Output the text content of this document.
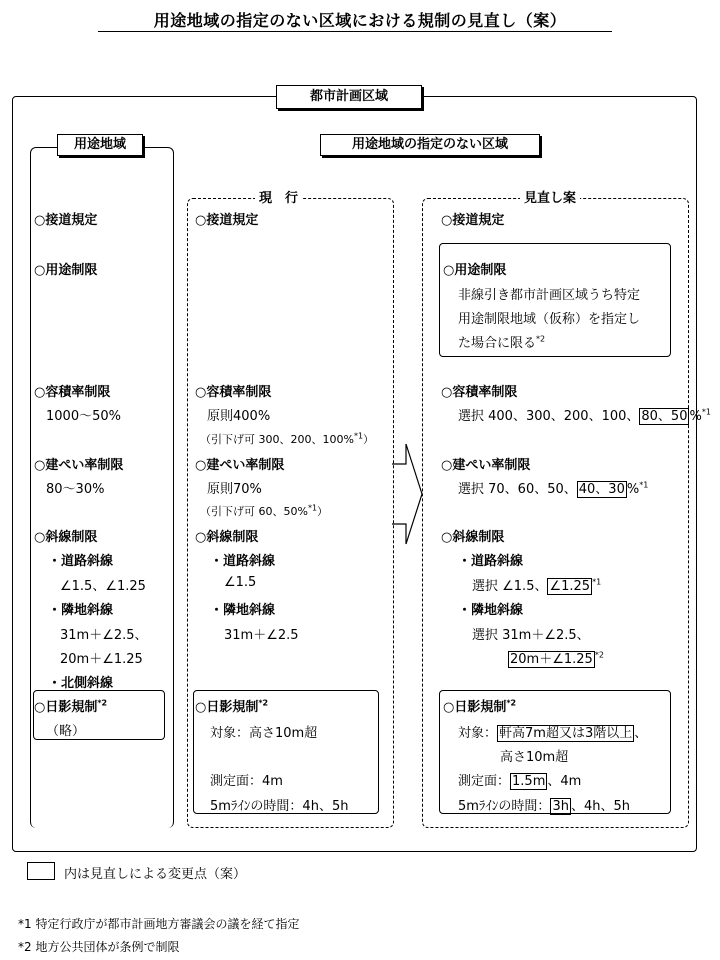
用途地域の指定のない区域における規制の見直し（案）
都市計画区域
用途地域
○接道規定
○用途制限
○容積率制限
1000～50%
○建ぺい率制限
80～30%
○斜線制限
・道路斜線
∠1.5、∠1.25
・隣地斜線
31m＋∠2.5、
20m＋∠1.25
・北側斜線
○日影規制$^{*2}$
（略）
用途地域の指定のない区域
現　行
○接道規定
○容積率制限
原則400%
（引下げ可 300、200、100%$^{*1}$）
○建ぺい率制限
原則70%
（引下げ可 60、50%$^{*1}$）
○斜線制限
・道路斜線
∠1.5
・隣地斜線
31m＋∠2.5
○日影規制$^{*2}$
対象：高さ10m超
測定面：4m
5mﾗｲﾝの時間：4h、5h
見直し案
○接道規定
○用途制限
非線引き都市計画区域うち特定
用途制限地域（仮称）を指定し
た場合に限る$^{*2}$
○容積率制限
選択 400、300、200、100、 80、50 %$^{*1}$
○建ぺい率制限
選択 70、60、50、 40、30 %$^{*1}$
○斜線制限
・道路斜線
選択 ∠1.5、 ∠1.25 $^{*1}$
・隣地斜線
選択 31m＋∠2.5、
20m＋∠1.25 $^{*2}$
○日影規制$^{*2}$
対象： 軒高7m超又は3階以上 、
高さ10m超
測定面： 1.5m 、4m
5mﾗｲﾝの時間： 3h 、4h、5h
内は見直しによる変更点（案）
*1 特定行政庁が都市計画地方審議会の議を経て指定
*2 地方公共団体が条例で制限
